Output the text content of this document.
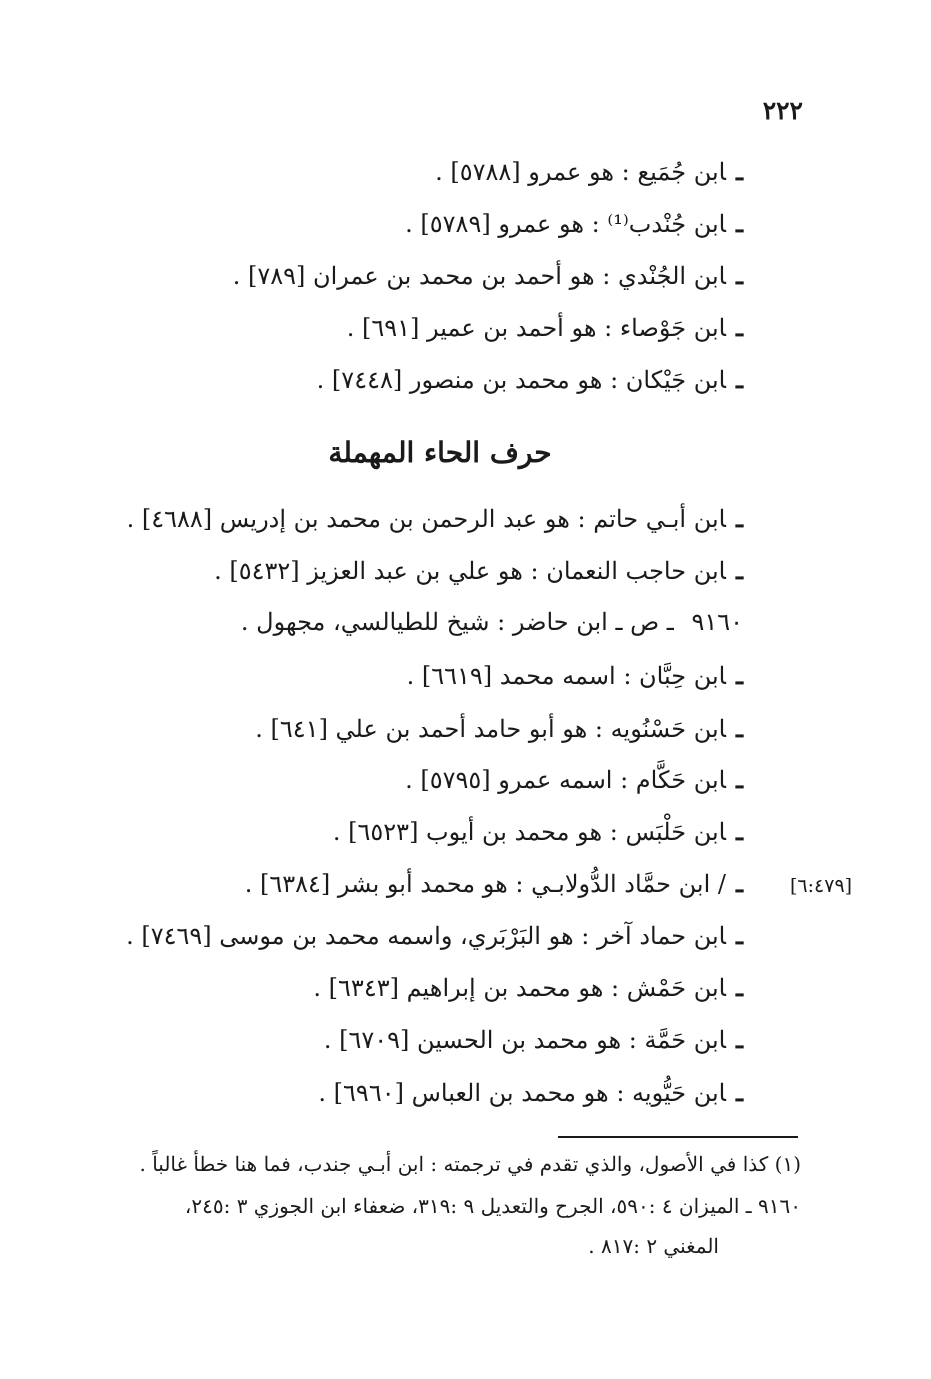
٢٢٢
ـابن جُمَيع : هو عمرو [٥٧٨٨] .
ـابن جُنْدب⁽¹⁾ : هو عمرو [٥٧٨٩] .
ـابن الجُنْدي : هو أحمد بن محمد بن عمران [٧٨٩] .
ـابن جَوْصاء : هو أحمد بن عمير [٦٩١] .
ـابن جَيْكان : هو محمد بن منصور [٧٤٤٨] .
حرف الحاء المهملة
ـابن أبـي حاتم : هو عبد الرحمن بن محمد بن إدريس [٤٦٨٨] .
ـابن حاجب النعمان : هو علي بن عبد العزيز [٥٤٣٢] .
٩١٦٠ ـ ص ـ ابن حاضر : شيخ للطيالسي، مجهول .
ـابن حِبَّان : اسمه محمد [٦٦١٩] .
ـابن حَسْنُويه : هو أبو حامد أحمد بن علي [٦٤١] .
ـابن حَكَّام : اسمه عمرو [٥٧٩٥] .
ـابن حَلْبَس : هو محمد بن أيوب [٦٥٢٣] .
ـ/ ابن حمَّاد الدُّولابـي : هو محمد أبو بشر [٦٣٨٤] .
ـابن حماد آخر : هو البَرْبَري، واسمه محمد بن موسى [٧٤٦٩] .
ـابن حَمْش : هو محمد بن إبراهيم [٦٣٤٣] .
ـابن حَمَّة : هو محمد بن الحسين [٦٧٠٩] .
ـابن حَيُّويه : هو محمد بن العباس [٦٩٦٠] .
[٦:٤٧٩]
(١) كذا في الأصول، والذي تقدم في ترجمته : ابن أبـي جندب، فما هنا خطأ غالباً .
٩١٦٠ ـ الميزان ٤ :٥٩٠، الجرح والتعديل ٩ :٣١٩، ضعفاء ابن الجوزي ٣ :٢٤٥،
المغني ٢ :٨١٧ .
